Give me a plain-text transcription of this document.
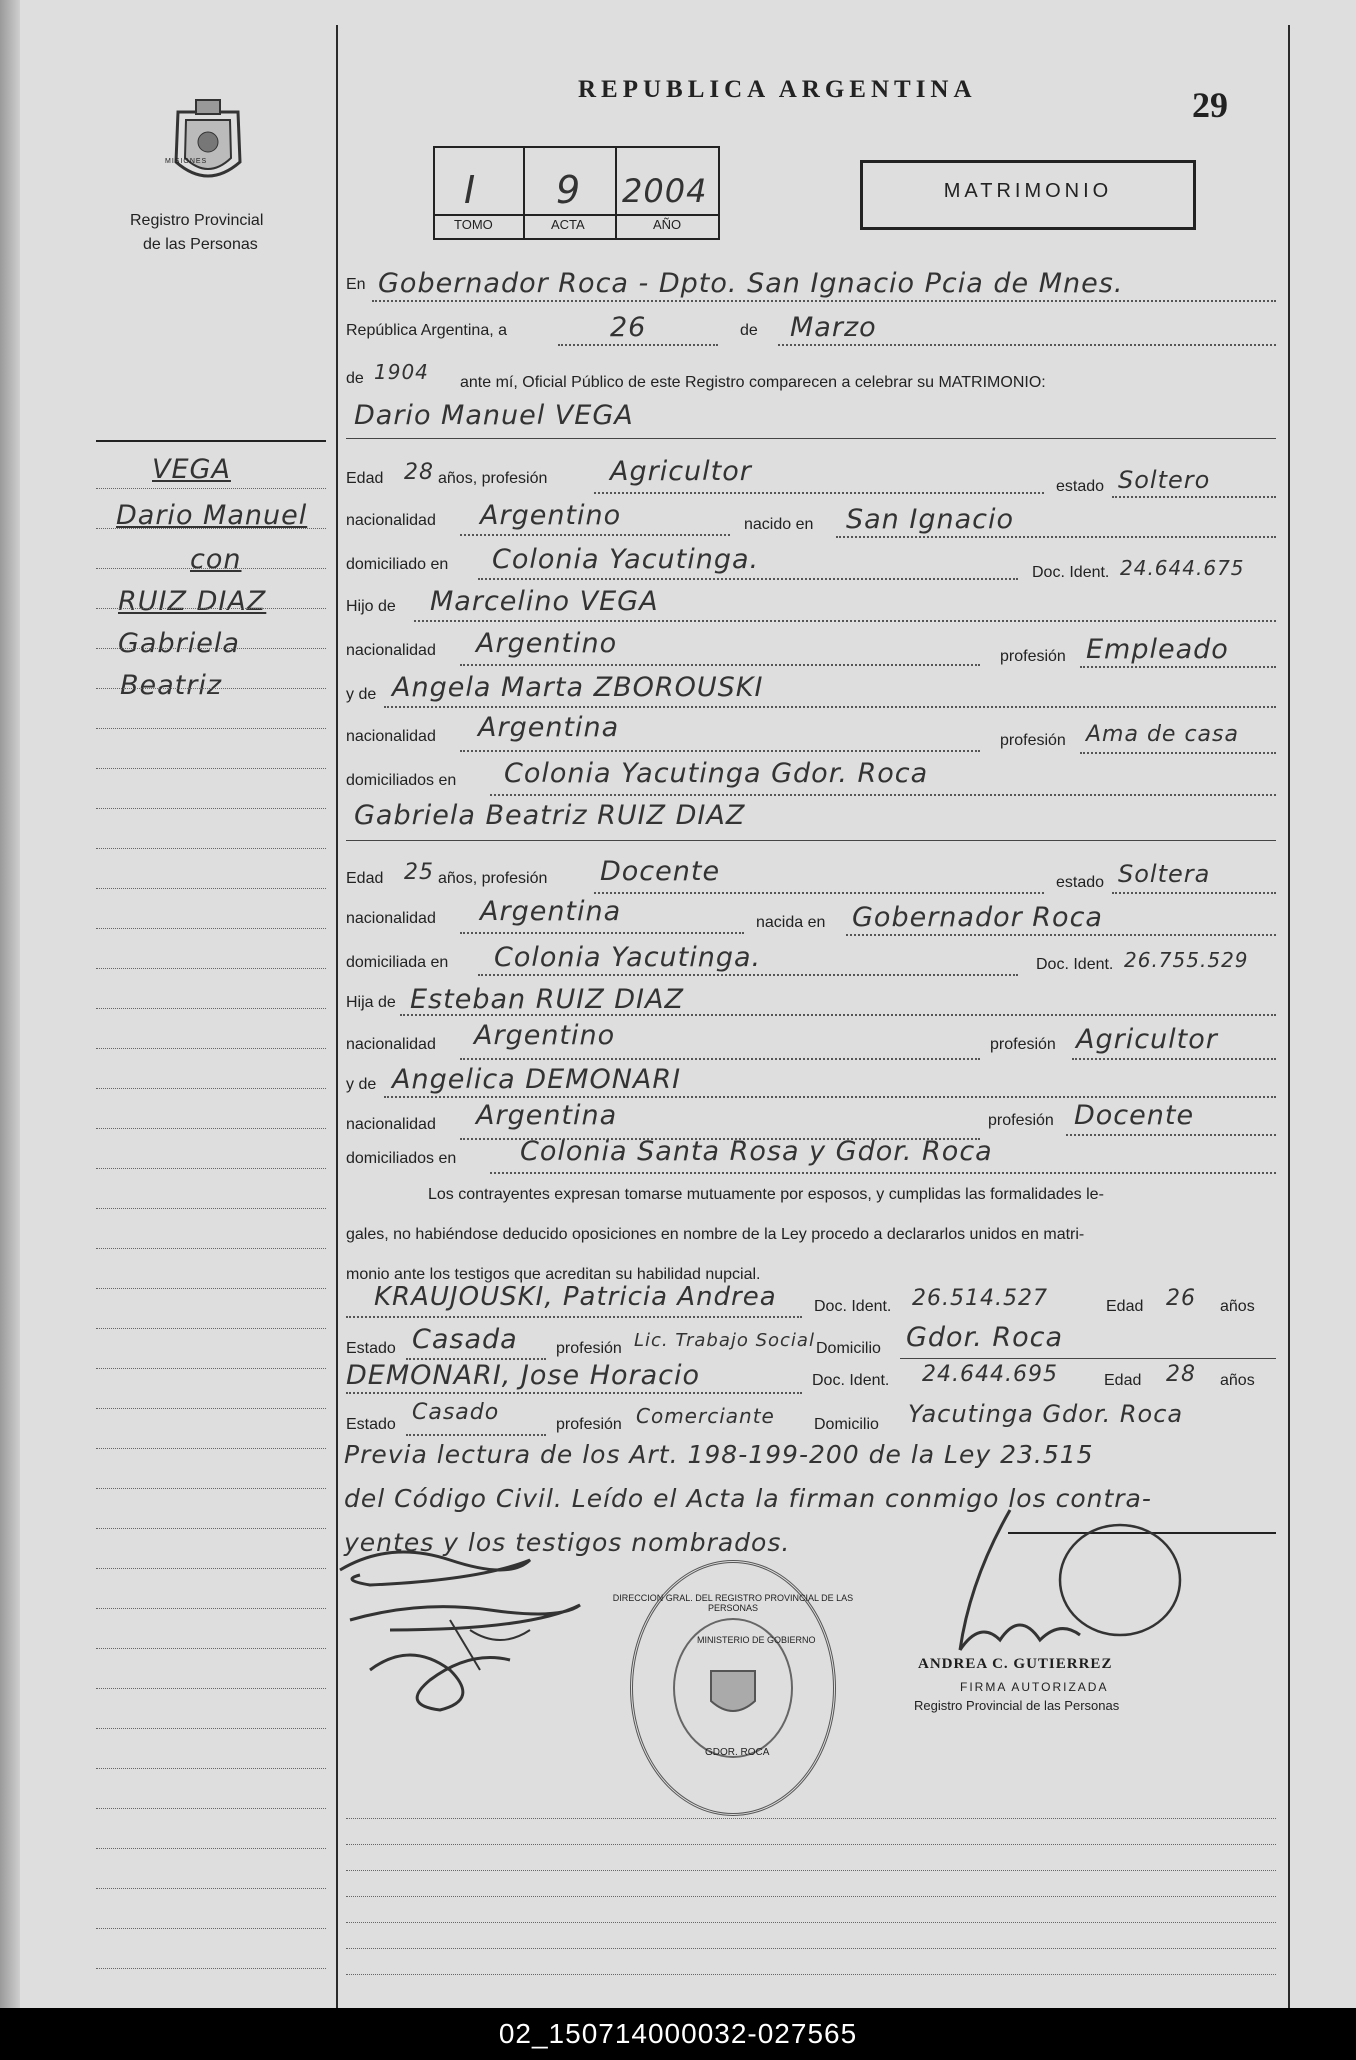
MISIONES
Registro Provincial
de las Personas
REPUBLICA ARGENTINA	29
I 9 2004
TOMO	ACTA	AÑO
MATRIMONIO
VEGA
Dario Manuel
con
RUIZ DIAZ
Gabriela
Beatriz
En Gobernador Roca - Dpto. San Ignacio Pcia de Mnes.
República Argentina, a	26	de Marzo
de 1904 ante mí, Oficial Público de este Registro comparecen a celebrar su MATRIMONIO:
Dario Manuel VEGA
Edad 28 años, profesión Agricultor	estado Soltero
nacionalidad Argentino	nacido en San Ignacio
domiciliado en Colonia Yacutinga.	Doc. Ident. 24.644.675
Hijo de Marcelino VEGA
nacionalidad Argentino	profesión Empleado
y de Angela Marta ZBOROUSKI
nacionalidad Argentina	profesión Ama de casa
domiciliados en Colonia Yacutinga Gdor. Roca
Gabriela Beatriz RUIZ DIAZ
Edad 25 años, profesión Docente	estado Soltera
nacionalidad Argentina	nacida en Gobernador Roca
domiciliada en Colonia Yacutinga.	Doc. Ident. 26.755.529
Hija de Esteban RUIZ DIAZ
nacionalidad Argentino	profesión Agricultor
y de Angelica DEMONARI
nacionalidad Argentina	profesión Docente
domiciliados en Colonia Santa Rosa y Gdor. Roca
Los contrayentes expresan tomarse mutuamente por esposos, y cumplidas las formalidades le-
gales, no habiéndose deducido oposiciones en nombre de la Ley procedo a declararlos unidos en matri-
monio ante los testigos que acreditan su habilidad nupcial.
KRAUJOUSKI, Patricia Andrea Doc. Ident. 26.514.527	Edad 26 años
Estado Casada profesión Lic. Trabajo Social Domicilio Gdor. Roca
DEMONARI, Jose Horacio	Doc. Ident. 24.644.695	Edad 28 años
Estado Casado	profesión Comerciante Domicilio Yacutinga Gdor. Roca
Previa lectura de los Art. 198-199-200 de la Ley 23.515
del Código Civil. Leído el Acta la firman conmigo los contra-
yentes y los testigos nombrados.
MINISTERIO DE GOBIERNO
GDOR. ROCA
DIRECCION GRAL. DEL REGISTRO PROVINCIAL DE LAS PERSONAS
ANDREA C. GUTIERREZ
FIRMA AUTORIZADA
Registro Provincial de las Personas
02_150714000032-027565
